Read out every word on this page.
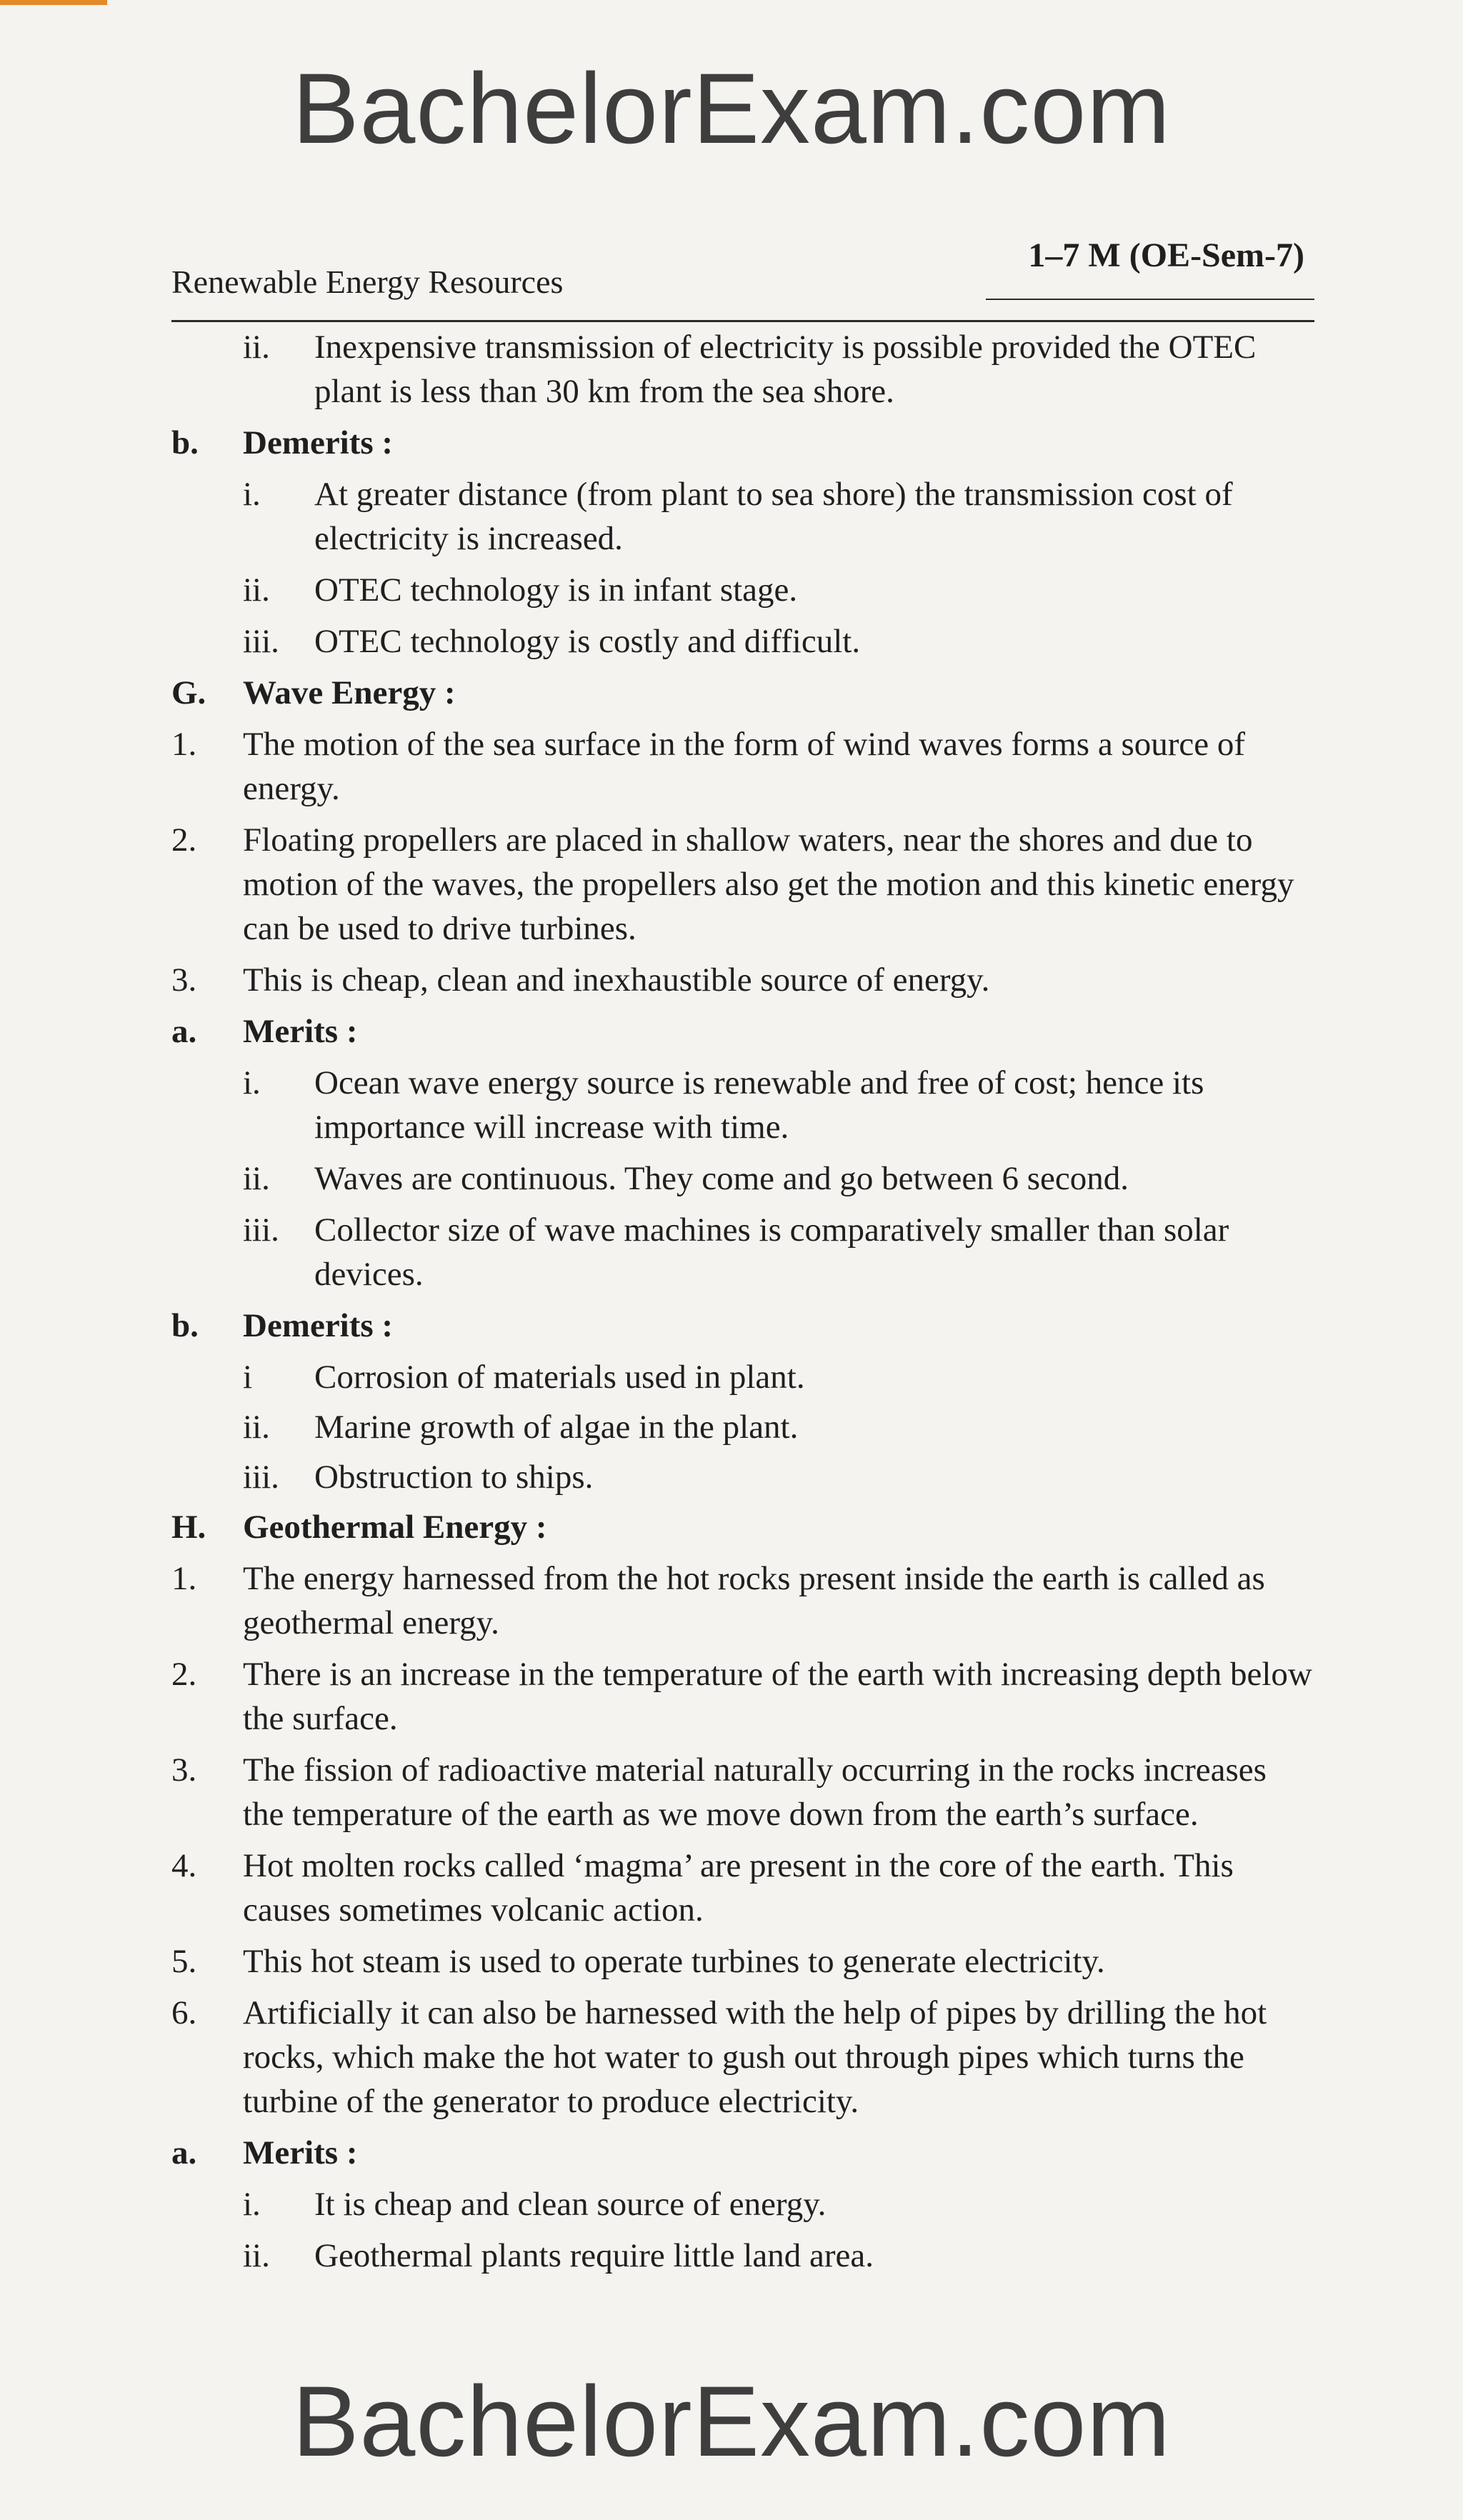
BachelorExam.com
Renewable Energy Resources
1–7 M (OE-Sem-7)
ii. Inexpensive transmission of electricity is possible provided the OTEC plant is less than 30 km from the sea shore.
b. Demerits :
i. At greater distance (from plant to sea shore) the transmission cost of electricity is increased.
ii. OTEC technology is in infant stage.
iii. OTEC technology is costly and difficult.
G. Wave Energy :
1. The motion of the sea surface in the form of wind waves forms a source of energy.
2. Floating propellers are placed in shallow waters, near the shores and due to motion of the waves, the propellers also get the motion and this kinetic energy can be used to drive turbines.
3. This is cheap, clean and inexhaustible source of energy.
a. Merits :
i. Ocean wave energy source is renewable and free of cost; hence its importance will increase with time.
ii. Waves are continuous. They come and go between 6 second.
iii. Collector size of wave machines is comparatively smaller than solar devices.
b. Demerits :
i Corrosion of materials used in plant.
ii. Marine growth of algae in the plant.
iii. Obstruction to ships.
H. Geothermal Energy :
1. The energy harnessed from the hot rocks present inside the earth is called as geothermal energy.
2. There is an increase in the temperature of the earth with increasing depth below the surface.
3. The fission of radioactive material naturally occurring in the rocks increases the temperature of the earth as we move down from the earth’s surface.
4. Hot molten rocks called ‘magma’ are present in the core of the earth. This causes sometimes volcanic action.
5. This hot steam is used to operate turbines to generate electricity.
6. Artificially it can also be harnessed with the help of pipes by drilling the hot rocks, which make the hot water to gush out through pipes which turns the turbine of the generator to produce electricity.
a. Merits :
i. It is cheap and clean source of energy.
ii. Geothermal plants require little land area.
BachelorExam.com
